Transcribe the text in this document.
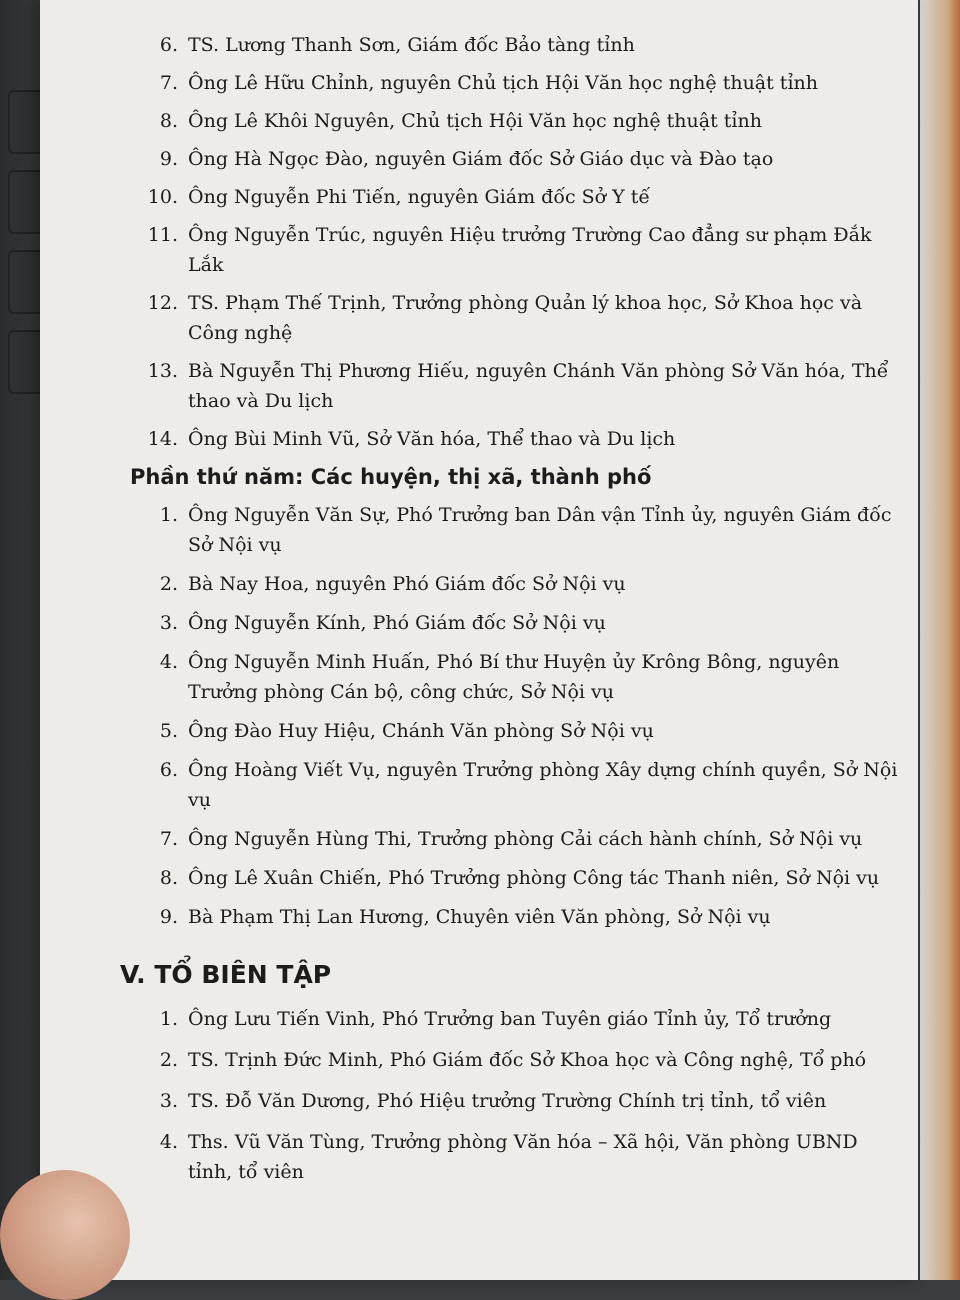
6. TS. Lương Thanh Sơn, Giám đốc Bảo tàng tỉnh
7. Ông Lê Hữu Chỉnh, nguyên Chủ tịch Hội Văn học nghệ thuật tỉnh
8. Ông Lê Khôi Nguyên, Chủ tịch Hội Văn học nghệ thuật tỉnh
9. Ông Hà Ngọc Đào, nguyên Giám đốc Sở Giáo dục và Đào tạo
10. Ông Nguyễn Phi Tiến, nguyên Giám đốc Sở Y tế
11. Ông Nguyễn Trúc, nguyên Hiệu trưởng Trường Cao đẳng sư phạm Đắk Lắk
12. TS. Phạm Thế Trịnh, Trưởng phòng Quản lý khoa học, Sở Khoa học và Công nghệ
13. Bà Nguyễn Thị Phương Hiếu, nguyên Chánh Văn phòng Sở Văn hóa, Thể thao và Du lịch
14. Ông Bùi Minh Vũ, Sở Văn hóa, Thể thao và Du lịch
Phần thứ năm: Các huyện, thị xã, thành phố
1. Ông Nguyễn Văn Sự, Phó Trưởng ban Dân vận Tỉnh ủy, nguyên Giám đốc Sở Nội vụ
2. Bà Nay Hoa, nguyên Phó Giám đốc Sở Nội vụ
3. Ông Nguyễn Kính, Phó Giám đốc Sở Nội vụ
4. Ông Nguyễn Minh Huấn, Phó Bí thư Huyện ủy Krông Bông, nguyên Trưởng phòng Cán bộ, công chức, Sở Nội vụ
5. Ông Đào Huy Hiệu, Chánh Văn phòng Sở Nội vụ
6. Ông Hoàng Viết Vụ, nguyên Trưởng phòng Xây dựng chính quyền, Sở Nội vụ
7. Ông Nguyễn Hùng Thi, Trưởng phòng Cải cách hành chính, Sở Nội vụ
8. Ông Lê Xuân Chiến, Phó Trưởng phòng Công tác Thanh niên, Sở Nội vụ
9. Bà Phạm Thị Lan Hương, Chuyên viên Văn phòng, Sở Nội vụ
V. TỔ BIÊN TẬP
1. Ông Lưu Tiến Vinh, Phó Trưởng ban Tuyên giáo Tỉnh ủy, Tổ trưởng
2. TS. Trịnh Đức Minh, Phó Giám đốc Sở Khoa học và Công nghệ, Tổ phó
3. TS. Đỗ Văn Dương, Phó Hiệu trưởng Trường Chính trị tỉnh, tổ viên
4. Ths. Vũ Văn Tùng, Trưởng phòng Văn hóa – Xã hội, Văn phòng UBND tỉnh, tổ viên
